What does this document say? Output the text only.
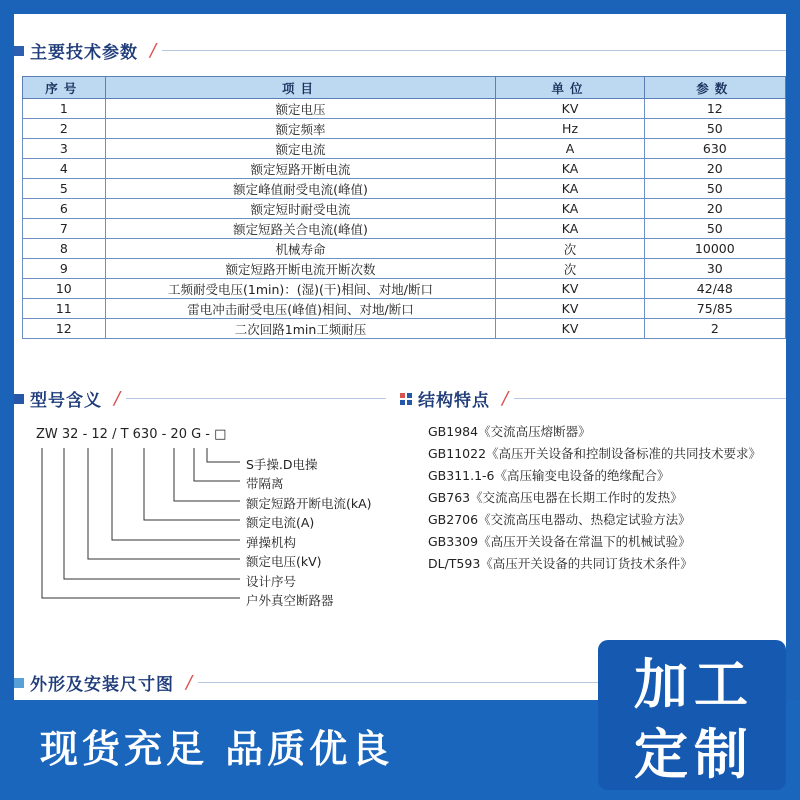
主要技术参数 /
序号	项目	单位	参数
1	额定电压	KV	12
2	额定频率	Hz	50
3	额定电流	A	630
4	额定短路开断电流	KA	20
5	额定峰值耐受电流(峰值)	KA	50
6	额定短时耐受电流	KA	20
7	额定短路关合电流(峰值)	KA	50
8	机械寿命	次	10000
9	额定短路开断电流开断次数	次	30
10	工频耐受电压(1min)：(湿)(干)相间、对地/断口	KV	42/48
11	雷电冲击耐受电压(峰值)相间、对地/断口	KV	75/85
12	二次回路1min工频耐压	KV	2
型号含义 /
ZW 32 - 12 / T 630 - 20 G - □
S手操.D电操
带隔离
额定短路开断电流(kA)
额定电流(A)
弹操机构
额定电压(kV)
设计序号
户外真空断路器
结构特点 /
GB1984《交流高压熔断器》
GB11022《高压开关设备和控制设备标准的共同技术要求》
GB311.1-6《高压输变电设备的绝缘配合》
GB763《交流高压电器在长期工作时的发热》
GB2706《交流高压电器动、热稳定试验方法》
GB3309《高压开关设备在常温下的机械试验》
DL/T593《高压开关设备的共同订货技术条件》
外形及安装尺寸图 /
现货充足 品质优良
加工
定制
